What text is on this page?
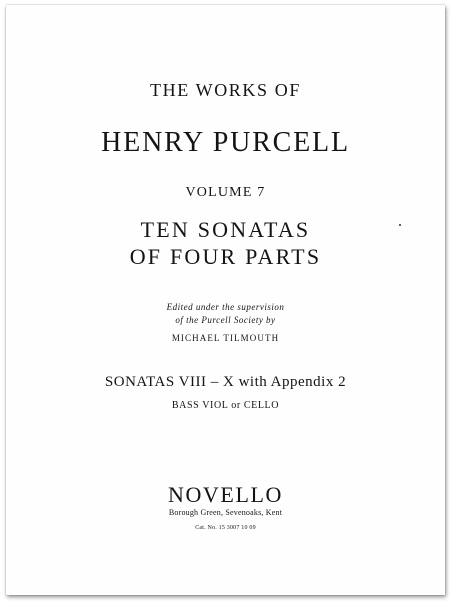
THE WORKS OF
HENRY PURCELL
VOLUME 7
TEN SONATAS
OF FOUR PARTS
Edited under the supervision
of the Purcell Society by
MICHAEL TILMOUTH
SONATAS VIII – X with Appendix 2
BASS VIOL or CELLO
NOVELLO
Borough Green, Sevenoaks, Kent
Cat. No. 15 3007 10 09
